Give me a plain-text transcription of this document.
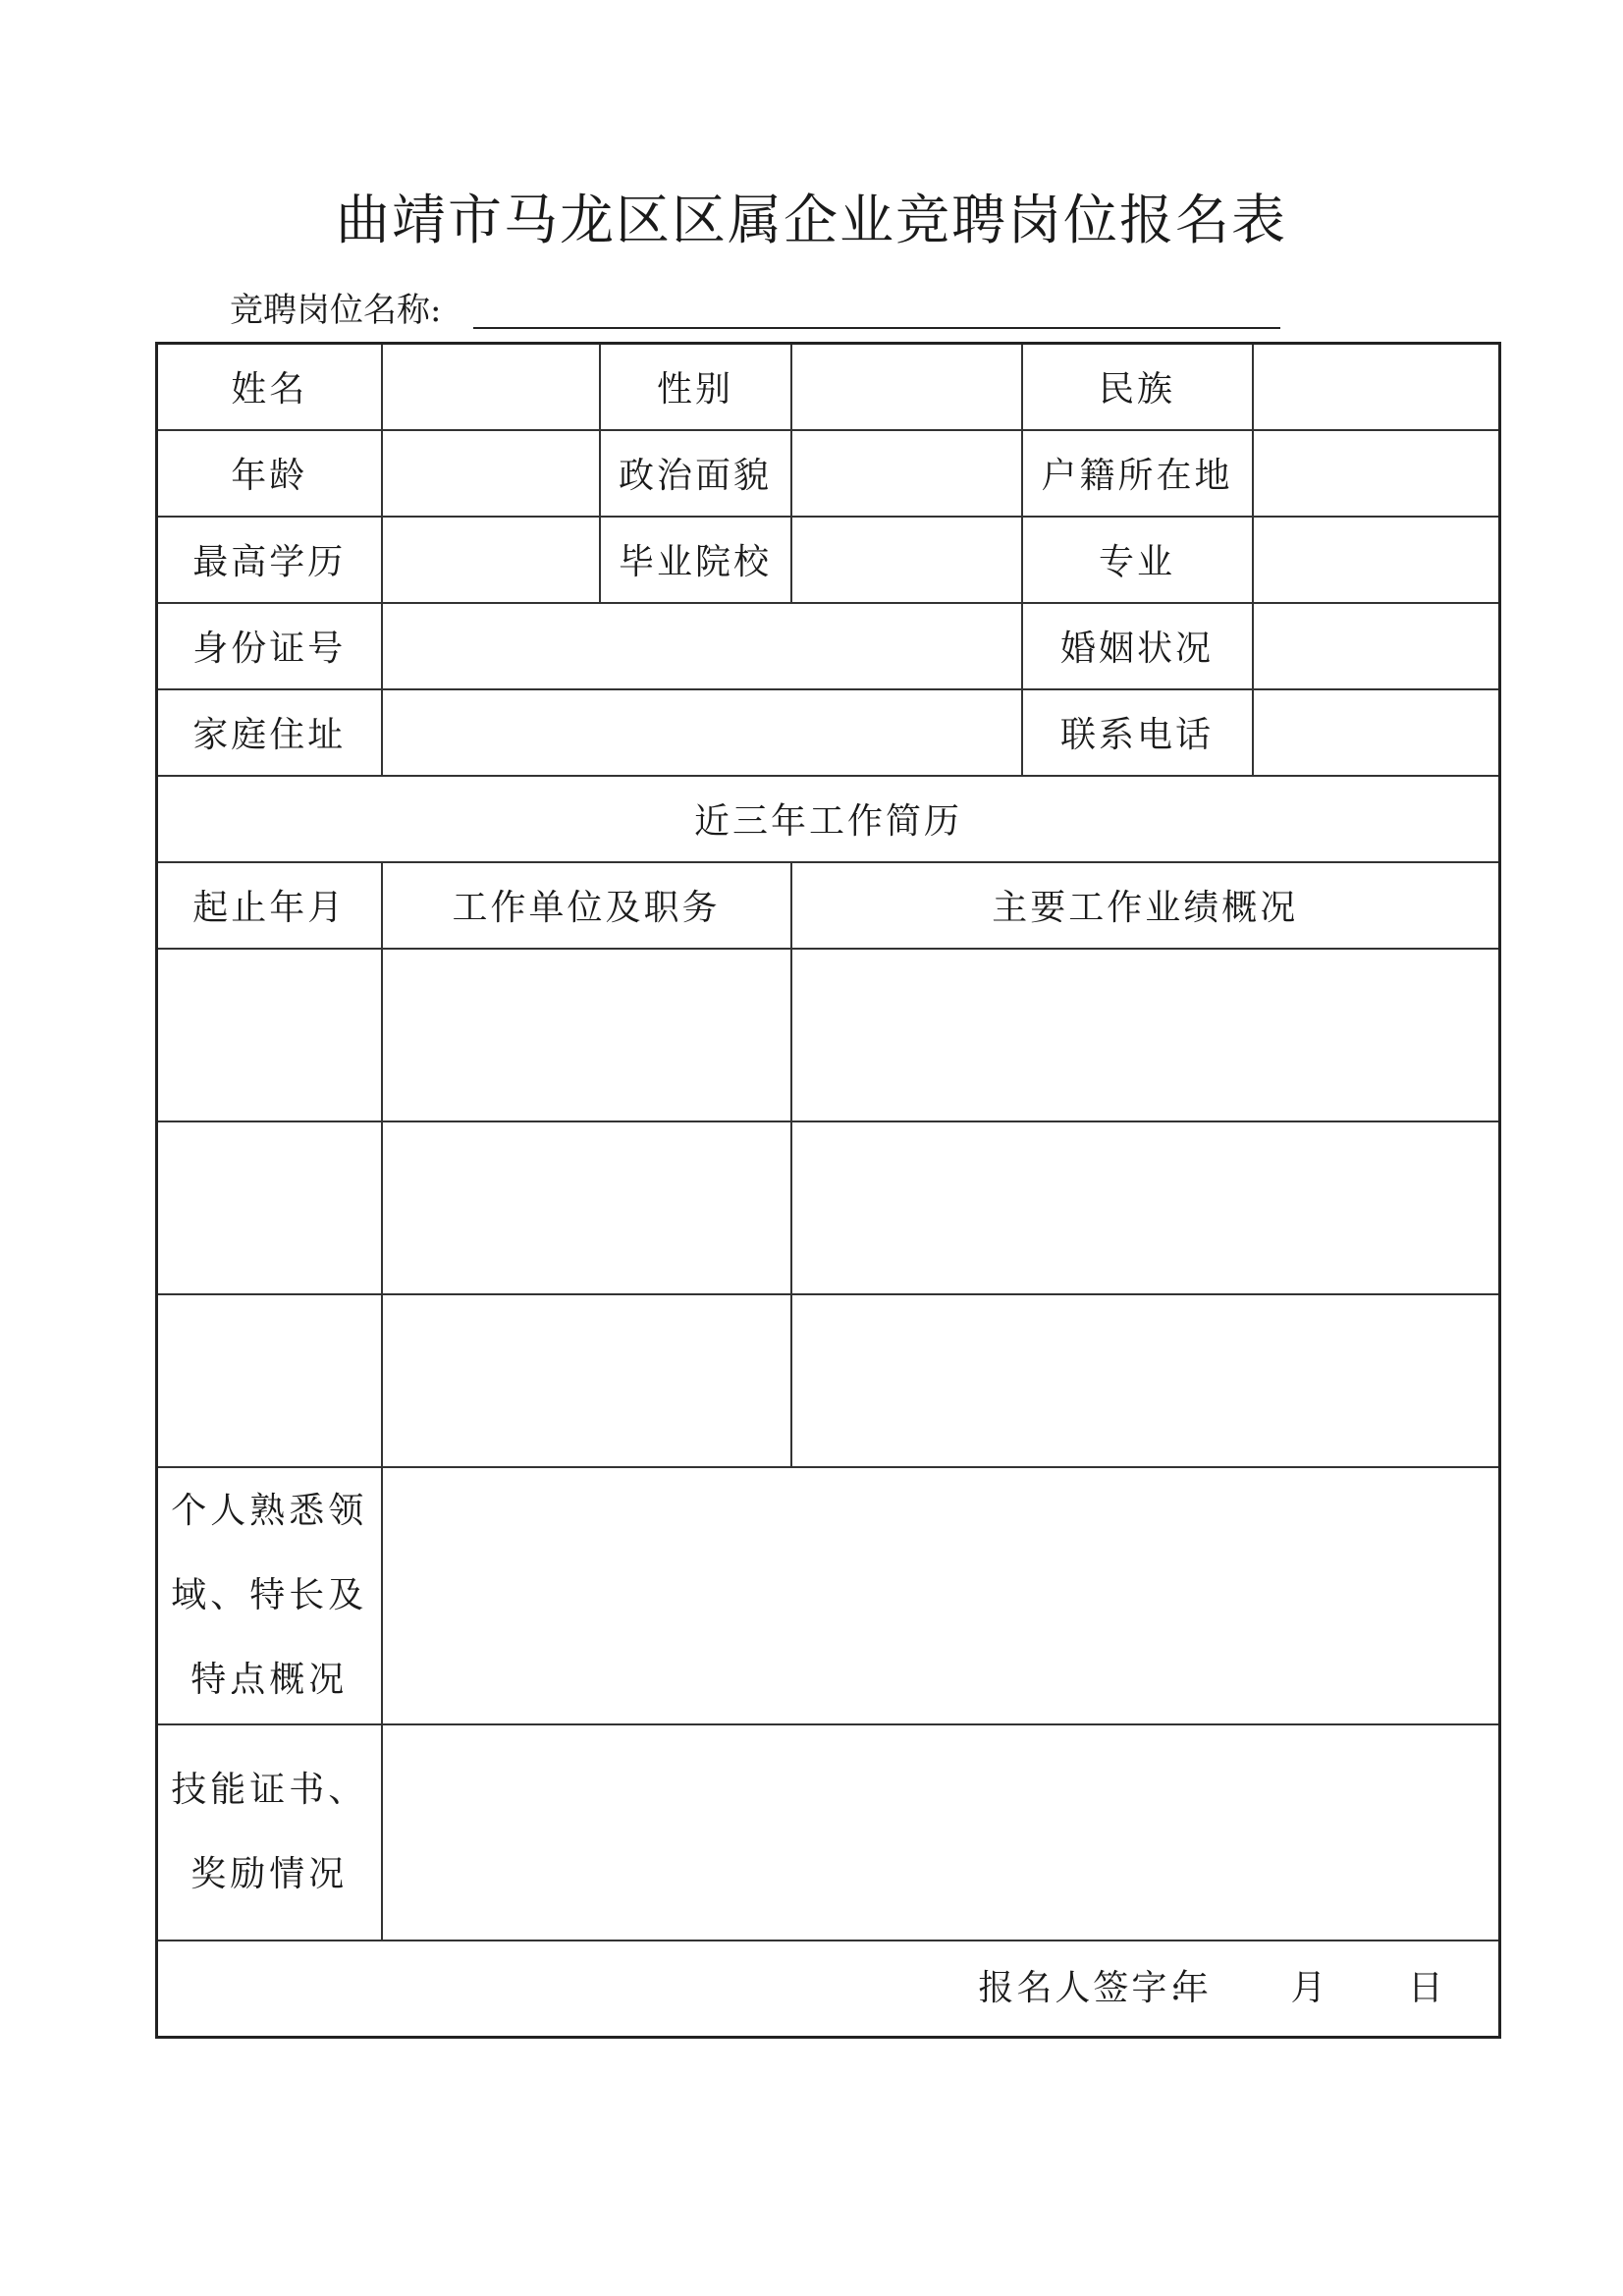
曲靖市马龙区区属企业竞聘岗位报名表
竞聘岗位名称:
姓名		性别		民族	
年龄		政治面貌		户籍所在地	
最高学历		毕业院校		专业	
身份证号				婚姻状况	
家庭住址				联系电话	
近三年工作简历					
起止年月	工作单位及职务		主要工作业绩概况		

个人熟悉领
域、特长及
特点概况					

技能证书、
奖励情况					

报名人签字:
年　 　月　 　日					
